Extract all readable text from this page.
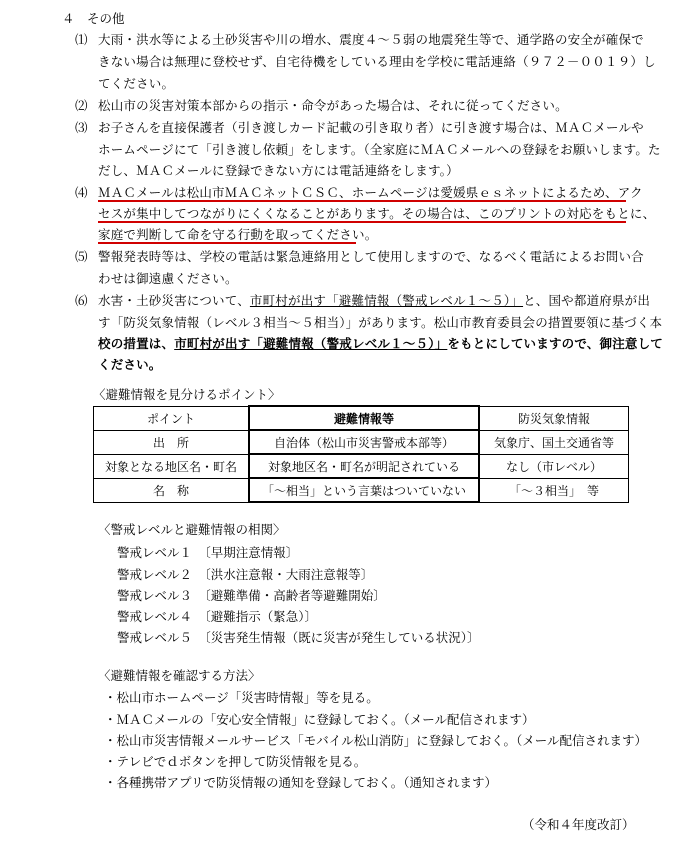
４　その他
⑴ 大雨・洪水等による土砂災害や川の増水、震度４～５弱の地震発生等で、通学路の安全が確保で
きない場合は無理に登校せず、自宅待機をしている理由を学校に電話連絡（９７２－００１９）し
てください。
⑵ 松山市の災害対策本部からの指示・命令があった場合は、それに従ってください。
⑶ お子さんを直接保護者（引き渡しカード記載の引き取り者）に引き渡す場合は、ＭＡＣメールや
ホームページにて「引き渡し依頼」をします。（全家庭にＭＡＣメールへの登録をお願いします。た
だし、ＭＡＣメールに登録できない方には電話連絡をします。）
⑷ ＭＡＣメールは松山市ＭＡＣネットＣＳＣ、ホームページは愛媛県ｅｓネットによるため、アク
セスが集中してつながりにくくなることがあります。その場合は、このプリントの対応をもとに、
家庭で判断して命を守る行動を取ってください。
⑸ 警報発表時等は、学校の電話は緊急連絡用として使用しますので、なるべく電話によるお問い合
わせは御遠慮ください。
⑹ 水害・土砂災害について、市町村が出す「避難情報（警戒レベル１～５）」と、国や都道府県が出
す「防災気象情報（レベル３相当～５相当）」があります。松山市教育委員会の措置要領に基づく本
校の措置は、市町村が出す「避難情報（警戒レベル１～５）」をもとにしていますので、御注意して
ください。
〈避難情報を見分けるポイント〉
ポイント	避難情報等	防災気象情報
出　所	自治体（松山市災害警戒本部等）	気象庁、国土交通省等
対象となる地区名・町名	対象地区名・町名が明記されている	なし（市レベル）
名　称	「～相当」という言葉はついていない	「～３相当」　等
〈警戒レベルと避難情報の相関〉
警戒レベル１　〔早期注意情報〕
警戒レベル２　〔洪水注意報・大雨注意報等〕
警戒レベル３　〔避難準備・高齢者等避難開始〕
警戒レベル４　〔避難指示（緊急）〕
警戒レベル５　〔災害発生情報（既に災害が発生している状況）〕
〈避難情報を確認する方法〉
・松山市ホームページ「災害時情報」等を見る。
・ＭＡＣメールの「安心安全情報」に登録しておく。（メール配信されます）
・松山市災害情報メールサービス「モバイル松山消防」に登録しておく。（メール配信されます）
・テレビでｄボタンを押して防災情報を見る。
・各種携帯アプリで防災情報の通知を登録しておく。（通知されます）
（令和４年度改訂）
